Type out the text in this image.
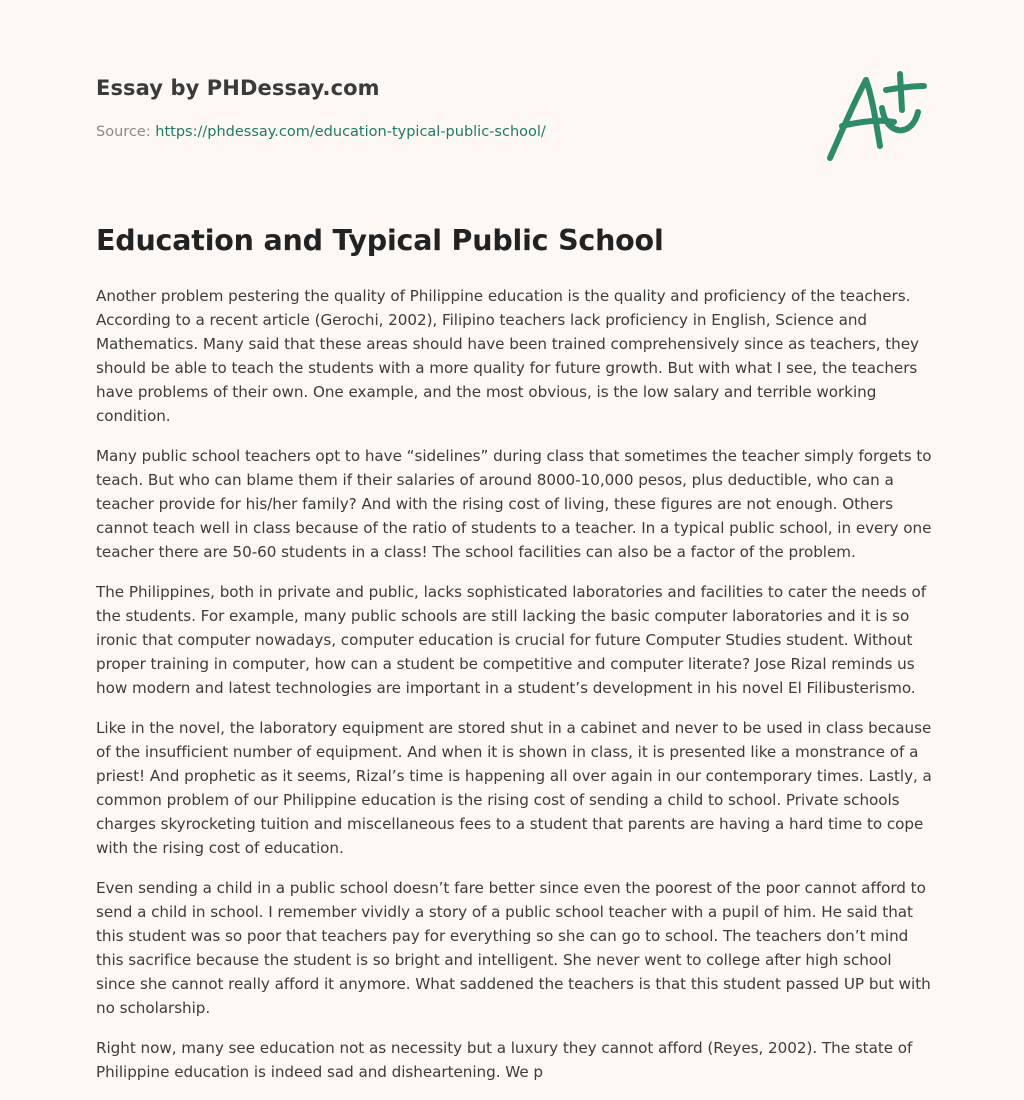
Essay by PHDessay.com
Source: https://phdessay.com/education-typical-public-school/
Education and Typical Public School

Another problem pestering the quality of Philippine education is the quality and proficiency of the teachers. According to a recent article (Gerochi, 2002), Filipino teachers lack proficiency in English, Science and Mathematics. Many said that these areas should have been trained comprehensively since as teachers, they should be able to teach the students with a more quality for future growth. But with what I see, the teachers have problems of their own. One example, and the most obvious, is the low salary and terrible working condition.

Many public school teachers opt to have “sidelines” during class that sometimes the teacher simply forgets to teach. But who can blame them if their salaries of around 8000-10,000 pesos, plus deductible, who can a teacher provide for his/her family? And with the rising cost of living, these figures are not enough. Others cannot teach well in class because of the ratio of students to a teacher. In a typical public school, in every one teacher there are 50-60 students in a class! The school facilities can also be a factor of the problem.

The Philippines, both in private and public, lacks sophisticated laboratories and facilities to cater the needs of the students. For example, many public schools are still lacking the basic computer laboratories and it is so ironic that computer nowadays, computer education is crucial for future Computer Studies student. Without proper training in computer, how can a student be competitive and computer literate? Jose Rizal reminds us how modern and latest technologies are important in a student’s development in his novel El Filibusterismo.

Like in the novel, the laboratory equipment are stored shut in a cabinet and never to be used in class because of the insufficient number of equipment. And when it is shown in class, it is presented like a monstrance of a priest! And prophetic as it seems, Rizal’s time is happening all over again in our contemporary times. Lastly, a common problem of our Philippine education is the rising cost of sending a child to school. Private schools charges skyrocketing tuition and miscellaneous fees to a student that parents are having a hard time to cope with the rising cost of education.

Even sending a child in a public school doesn’t fare better since even the poorest of the poor cannot afford to send a child in school. I remember vividly a story of a public school teacher with a pupil of him. He said that this student was so poor that teachers pay for everything so she can go to school. The teachers don’t mind this sacrifice because the student is so bright and intelligent. She never went to college after high school since she cannot really afford it anymore. What saddened the teachers is that this student passed UP but with no scholarship.

Right now, many see education not as necessity but a luxury they cannot afford (Reyes, 2002). The state of Philippine education is indeed sad and disheartening. We p
